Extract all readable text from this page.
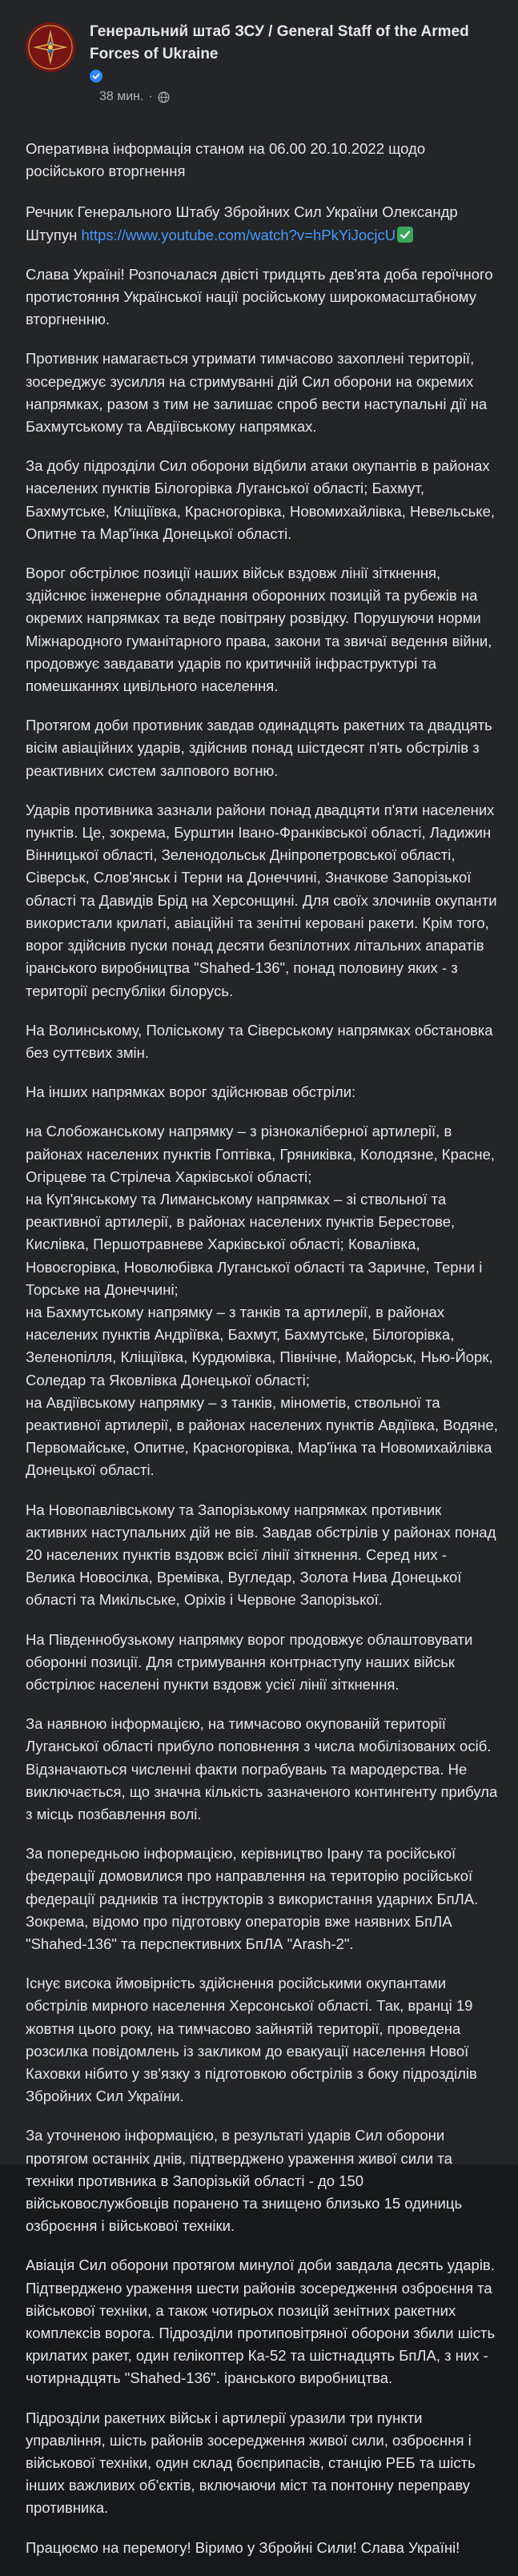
Генеральний штаб ЗСУ / General Staff of the Armed Forces of Ukraine
38 мин. ·

Оперативна інформація станом на 06.00 20.10.2022 щодо російського вторгнення

Речник Генерального Штабу Збройних Сил України Олександр Штупун https://www.youtube.com/watch?v=hPkYiJocjcU

Слава Україні! Розпочалася двісті тридцять дев'ята доба героїчного протистояння Української нації російському широкомасштабному вторгненню.

Противник намагається утримати тимчасово захоплені території, зосереджує зусилля на стримуванні дій Сил оборони на окремих напрямках, разом з тим не залишає спроб вести наступальні дії на Бахмутському та Авдіївському напрямках.

За добу підрозділи Сил оборони відбили атаки окупантів в районах населених пунктів Білогорівка Луганської області; Бахмут, Бахмутське, Кліщіївка, Красногорівка, Новомихайлівка, Невельське, Опитне та Мар'їнка Донецької області.

Ворог обстрілює позиції наших військ вздовж лінії зіткнення, здійснює інженерне обладнання оборонних позицій та рубежів на окремих напрямках та веде повітряну розвідку. Порушуючи норми Міжнародного гуманітарного права, закони та звичаї ведення війни, продовжує завдавати ударів по критичній інфраструктурі та помешканнях цивільного населення.

Протягом доби противник завдав одинадцять ракетних та двадцять вісім авіаційних ударів, здійснив понад шістдесят п'ять обстрілів з реактивних систем залпового вогню.

Ударів противника зазнали райони понад двадцяти п'яти населених пунктів. Це, зокрема, Бурштин Івано-Франківської області, Ладижин Вінницької області, Зеленодольськ Дніпропетровської області, Сіверськ, Слов'янськ і Терни на Донеччині, Значкове Запорізької області та Давидів Брід на Херсонщині. Для своїх злочинів окупанти використали крилаті, авіаційні та зенітні керовані ракети. Крім того, ворог здійснив пуски понад десяти безпілотних літальних апаратів іранського виробництва "Shahed-136", понад половину яких - з території республіки білорусь.

На Волинському, Поліському та Сіверському напрямках обстановка без суттєвих змін.

На інших напрямках ворог здійснював обстріли:

на Слобожанському напрямку – з різнокаліберної артилерії, в районах населених пунктів Гоптівка, Гряниківка, Колодязне, Красне, Огірцеве та Стрілеча Харківської області;
на Куп'янському та Лиманському напрямках – зі ствольної та реактивної артилерії, в районах населених пунктів Берестове, Кислівка, Першотравневе Харківської області; Ковалівка, Новоєгорівка, Новолюбівка Луганської області та Заричне, Терни і Торське на Донеччині;
на Бахмутському напрямку – з танків та артилерії, в районах населених пунктів Андріївка, Бахмут, Бахмутське, Білогорівка, Зеленопілля, Кліщіївка, Курдюмівка, Північне, Майорськ, Нью-Йорк, Соледар та Яковлівка Донецької області;
на Авдіївському напрямку – з танків, мінометів, ствольної та реактивної артилерії, в районах населених пунктів Авдіївка, Водяне, Первомайське, Опитне, Красногорівка, Мар'їнка та Новомихайлівка Донецької області.

На Новопавлівському та Запорізькому напрямках противник активних наступальних дій не вів. Завдав обстрілів у районах понад 20 населених пунктів вздовж всієї лінії зіткнення. Серед них - Велика Новосілка, Времівка, Вугледар, Золота Нива Донецької області та Микільське, Оріхів і Червоне Запорізької.

На Південнобузькому напрямку ворог продовжує облаштовувати оборонні позиції. Для стримування контрнаступу наших військ обстрілює населені пункти вздовж усієї лінії зіткнення.

За наявною інформацією, на тимчасово окупованій території Луганської області прибуло поповнення з числа мобілізованих осіб. Відзначаються численні факти пограбувань та мародерства. Не виключається, що значна кількість зазначеного контингенту прибула з місць позбавлення волі.

За попередньою інформацією, керівництво Ірану та російської федерації домовилися про направлення на територію російської федерації радників та інструкторів з використання ударних БпЛА. Зокрема, відомо про підготовку операторів вже наявних БпЛА "Shahed-136" та перспективних БпЛА "Arash-2".

Існує висока ймовірність здійснення російськими окупантами обстрілів мирного населення Херсонської області. Так, вранці 19 жовтня цього року, на тимчасово зайнятій території, проведена розсилка повідомлень із закликом до евакуації населення Нової Каховки нібито у зв'язку з підготовкою обстрілів з боку підрозділів Збройних Сил України.

За уточненою інформацією, в результаті ударів Сил оборони протягом останніх днів, підтверджено ураження живої сили та техніки противника в Запорізькій області - до 150 військовослужбовців поранено та знищено близько 15 одиниць озброєння і військової техніки.

Авіація Сил оборони протягом минулої доби завдала десять ударів. Підтверджено ураження шести районів зосередження озброєння та військової техніки, а також чотирьох позицій зенітних ракетних комплексів ворога. Підрозділи протиповітряної оборони збили шість крилатих ракет, один гелікоптер Ка-52 та шістнадцять БпЛА, з них - чотирнадцять "Shahed-136". іранського виробництва.

Підрозділи ракетних військ і артилерії уразили три пункти управління, шість районів зосередження живої сили, озброєння і військової техніки, один склад боєприпасів, станцію РЕБ та шість інших важливих об'єктів, включаючи міст та понтонну переправу противника.

Працюємо на перемогу! Віримо у Збройні Сили! Слава Україні!
